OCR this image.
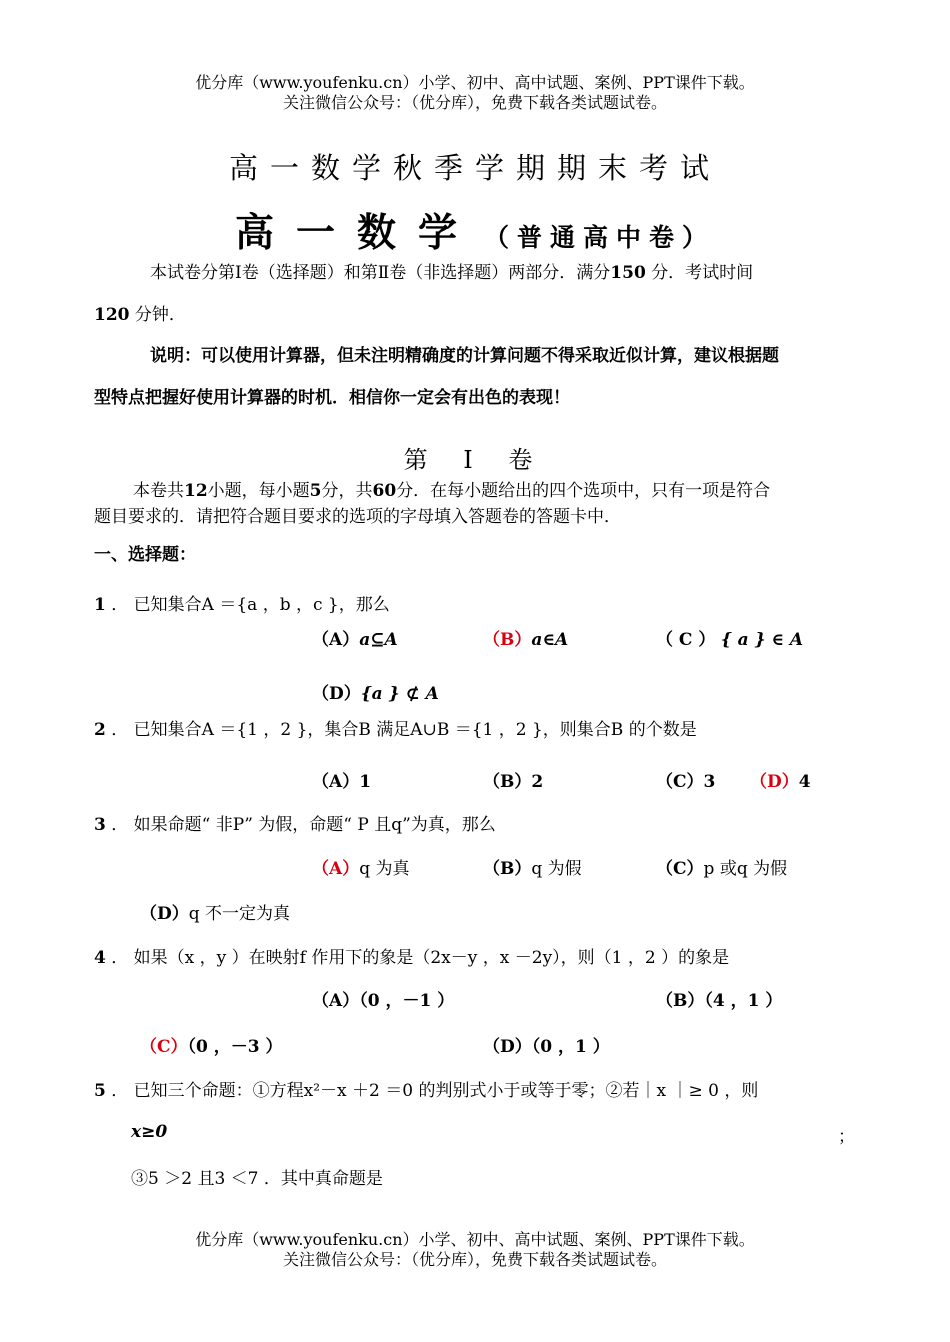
优分库（www.youfenku.cn）小学、初中、高中试题、案例、PPT课件下载。
关注微信公众号：（优分库），免费下载各类试题试卷。
高一数学秋季学期期末考试
高一数学 （普通高中卷）
本试卷分第Ⅰ卷（选择题）和第Ⅱ卷（非选择题）两部分．满分150 分．考试时间
120 分钟．
说明：可以使用计算器，但未注明精确度的计算问题不得采取近似计算，建议根据题
型特点把握好使用计算器的时机．相信你一定会有出色的表现！
第 Ⅰ 卷
本卷共12小题，每小题5分，共60分．在每小题给出的四个选项中，只有一项是符合
题目要求的．请把符合题目要求的选项的字母填入答题卷的答题卡中．
一、选择题：
1 ． 已知集合A ＝{a ，b ，c }，那么
（A）a⊆A	（B）a∈A	（ C ） { a } ∈ A
（D）{a } ⊄ A
2 ． 已知集合A ＝{1 ，2 }，集合B 满足A∪B ＝{1 ，2 }，则集合B 的个数是
（A）1	（B）2	（C）3 （D）4
3 ． 如果命题“ 非P” 为假，命题“ P 且q”为真，那么
（A）q 为真	（B）q 为假	（C）p 或q 为假
（D）q 不一定为真
4 ． 如果（x ，y ）在映射f 作用下的象是（2x－y ，x －2y），则（1 ，2 ）的象是
（A）（0 ，－1 ）	（B）（4 ，1 ）
（C）（0 ，－3 ）	（D）（0 ，1 ）
5 ． 已知三个命题：①方程x²－x ＋2 ＝0 的判别式小于或等于零；②若｜x ｜≥ 0 ，则
x≥0	；
③5 ＞2 且3 ＜7 ．其中真命题是
优分库（www.youfenku.cn）小学、初中、高中试题、案例、PPT课件下载。
关注微信公众号：（优分库），免费下载各类试题试卷。
